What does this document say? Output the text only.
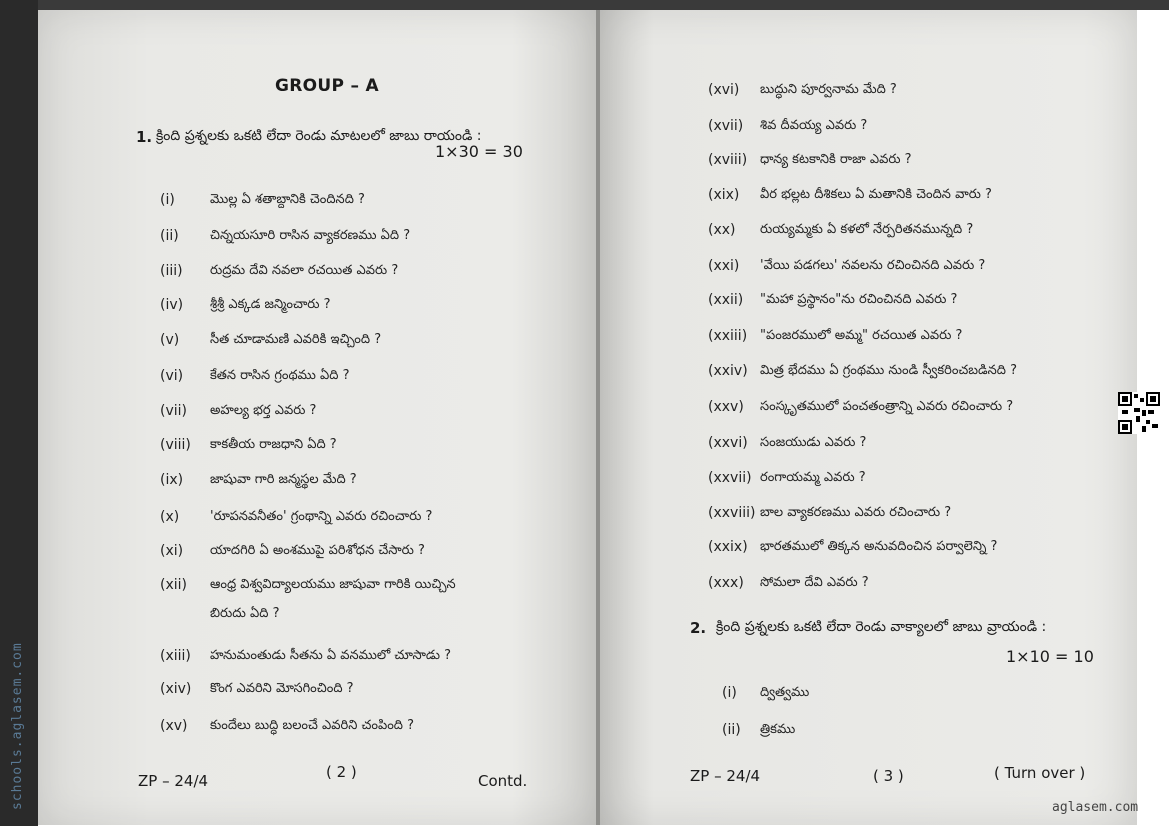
GROUP – A
1. క్రింది ప్రశ్నలకు ఒకటి లేదా రెండు మాటలలో జాబు రాయండి :
1×30 = 30
(i)	మొల్ల ఏ శతాబ్దానికి చెందినది ?
(ii) చిన్నయసూరి రాసిన వ్యాకరణము ఏది ?
(iii) రుద్రమ దేవి నవలా రచయిత ఎవరు ?
(iv) శ్రీశ్రీ ఎక్కడ జన్మించారు ?
(v) సీత చూడామణి ఎవరికి ఇచ్చింది ?
(vi) కేతన రాసిన గ్రంథము ఏది ?
(vii) అహల్య భర్త ఎవరు ?
(viii) కాకతీయ రాజధాని ఏది ?
(ix) జాషువా గారి జన్మస్థల మేది ?
(x) 'రూపనవనీతం' గ్రంథాన్ని ఎవరు రచించారు ?
(xi) యాదగిరి ఏ అంశముపై పరిశోధన చేసారు ?
(xii) ఆంధ్ర విశ్వవిద్యాలయము జాషువా గారికి యిచ్చిన
బిరుదు ఏది ?
(xiii) హనుమంతుడు సీతను ఏ వనములో చూసాడు ?
(xiv) కొంగ ఎవరిని మోసగించింది ?
(xv) కుందేలు బుద్ధి బలంచే ఎవరిని చంపింది ?
ZP – 24/4	( 2 )	Contd.
(xvi) బుద్ధుని పూర్వనామ మేది ?
(xvii) శివ దీవయ్య ఎవరు ?
(xviii) ధాన్య కటకానికి రాజా ఎవరు ?
(xix) వీర భల్లట దీశికలు ఏ మతానికి చెందిన వారు ?
(xx) రుయ్యమ్మకు ఏ కళలో నేర్పరితనమున్నది ?
(xxi) 'వేయి పడగలు' నవలను రచించినది ఎవరు ?
(xxii) "మహా ప్రస్థానం"ను రచించినది ఎవరు ?
(xxiii) "పంజరములో అమ్మ" రచయిత ఎవరు ?
(xxiv) మిత్ర భేదము ఏ గ్రంథము నుండి స్వీకరించబడినది ?
(xxv) సంస్కృతములో పంచతంత్రాన్ని ఎవరు రచించారు ?
(xxvi) సంజయుడు ఎవరు ?
(xxvii) రంగాయమ్మ ఎవరు ?
(xxviii) బాల వ్యాకరణము ఎవరు రచించారు ?
(xxix) భారతములో తిక్కన అనువదించిన పర్వాలెన్ని ?
(xxx) సోమలా దేవి ఎవరు ?
2. క్రింది ప్రశ్నలకు ఒకటి లేదా రెండు వాక్యాలలో జాబు వ్రాయండి :
1×10 = 10
(i) ద్విత్వము
(ii) త్రికము
ZP – 24/4	( 3 )	( Turn over )
schools.aglasem.com	aglasem.com
